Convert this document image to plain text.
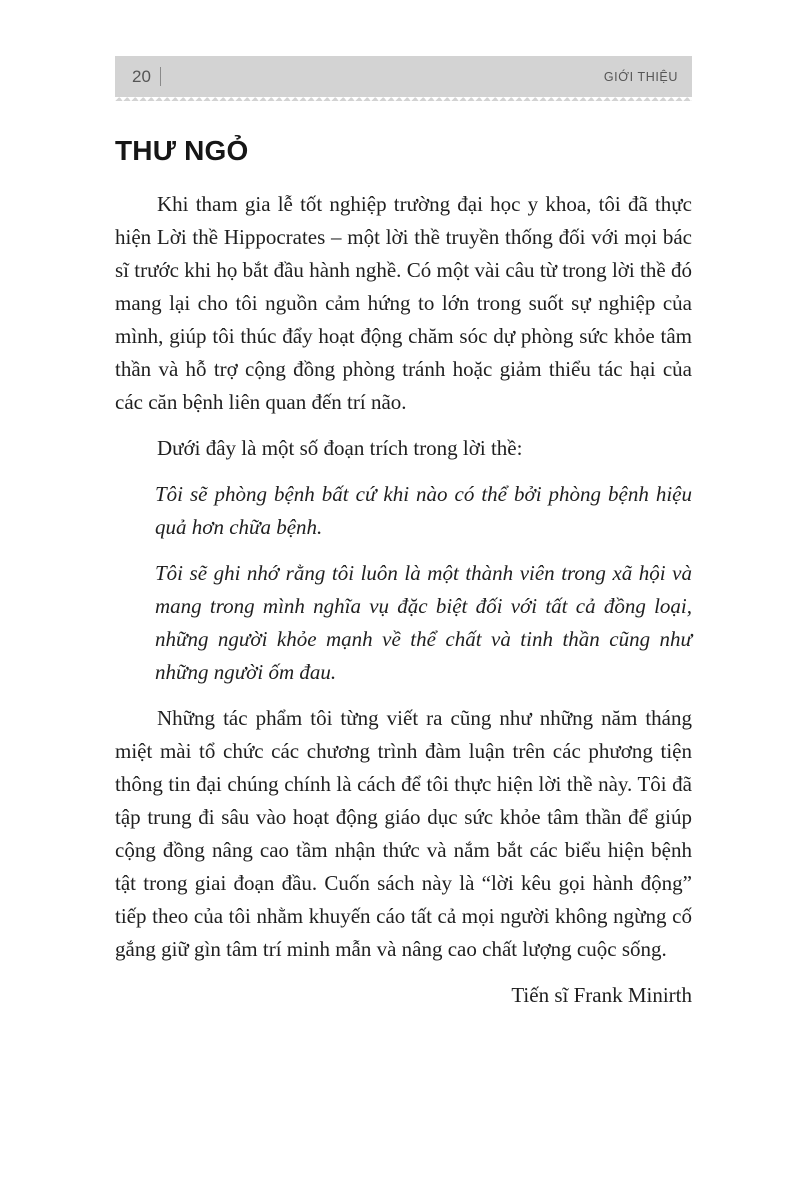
20	GIỚI THIỆU
THƯ NGỎ

Khi tham gia lễ tốt nghiệp trường đại học y khoa, tôi đã thực hiện Lời thề Hippocrates – một lời thề truyền thống đối với mọi bác sĩ trước khi họ bắt đầu hành nghề. Có một vài câu từ trong lời thề đó mang lại cho tôi nguồn cảm hứng to lớn trong suốt sự nghiệp của mình, giúp tôi thúc đẩy hoạt động chăm sóc dự phòng sức khỏe tâm thần và hỗ trợ cộng đồng phòng tránh hoặc giảm thiểu tác hại của các căn bệnh liên quan đến trí não.

Dưới đây là một số đoạn trích trong lời thề:

Tôi sẽ phòng bệnh bất cứ khi nào có thể bởi phòng bệnh hiệu quả hơn chữa bệnh.

Tôi sẽ ghi nhớ rằng tôi luôn là một thành viên trong xã hội và mang trong mình nghĩa vụ đặc biệt đối với tất cả đồng loại, những người khỏe mạnh về thể chất và tinh thần cũng như những người ốm đau.

Những tác phẩm tôi từng viết ra cũng như những năm tháng miệt mài tổ chức các chương trình đàm luận trên các phương tiện thông tin đại chúng chính là cách để tôi thực hiện lời thề này. Tôi đã tập trung đi sâu vào hoạt động giáo dục sức khỏe tâm thần để giúp cộng đồng nâng cao tầm nhận thức và nắm bắt các biểu hiện bệnh tật trong giai đoạn đầu. Cuốn sách này là “lời kêu gọi hành động” tiếp theo của tôi nhằm khuyến cáo tất cả mọi người không ngừng cố gắng giữ gìn tâm trí minh mẫn và nâng cao chất lượng cuộc sống.

Tiến sĩ Frank Minirth
